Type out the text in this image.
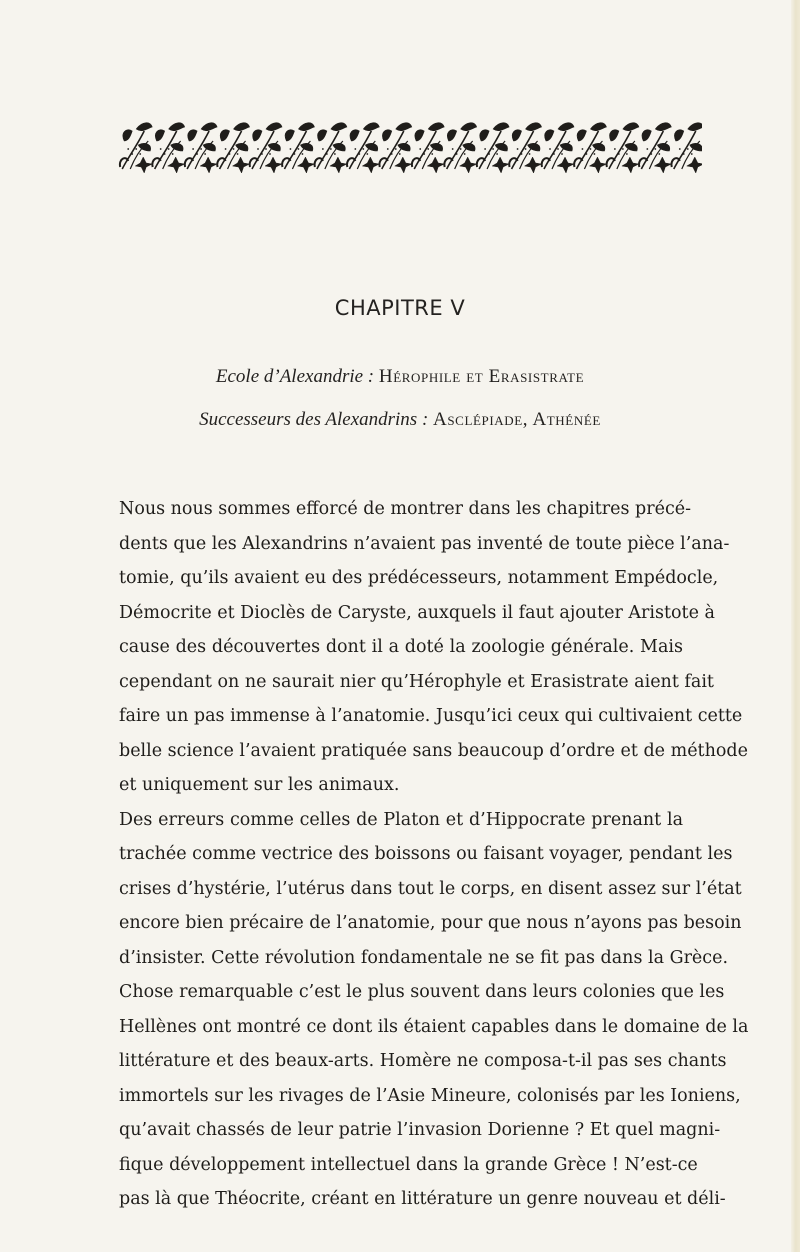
CHAPITRE V
Ecole d’Alexandrie : Hérophile et Erasistrate
Successeurs des Alexandrins : Asclépiade, Athénée
Nous nous sommes efforcé de montrer dans les chapitres précé-
dents que les Alexandrins n’avaient pas inventé de toute pièce l’ana-
tomie, qu’ils avaient eu des prédécesseurs, notamment Empédocle,
Démocrite et Dioclès de Caryste, auxquels il faut ajouter Aristote à
cause des découvertes dont il a doté la zoologie générale. Mais
cependant on ne saurait nier qu’Hérophyle et Erasistrate aient fait
faire un pas immense à l’anatomie. Jusqu’ici ceux qui cultivaient cette
belle science l’avaient pratiquée sans beaucoup d’ordre et de méthode
et uniquement sur les animaux.
Des erreurs comme celles de Platon et d’Hippocrate prenant la
trachée comme vectrice des boissons ou faisant voyager, pendant les
crises d’hystérie, l’utérus dans tout le corps, en disent assez sur l’état
encore bien précaire de l’anatomie, pour que nous n’ayons pas besoin
d’insister. Cette révolution fondamentale ne se fit pas dans la Grèce.
Chose remarquable c’est le plus souvent dans leurs colonies que les
Hellènes ont montré ce dont ils étaient capables dans le domaine de la
littérature et des beaux-arts. Homère ne composa-t-il pas ses chants
immortels sur les rivages de l’Asie Mineure, colonisés par les Ioniens,
qu’avait chassés de leur patrie l’invasion Dorienne ? Et quel magni-
fique développement intellectuel dans la grande Grèce ! N’est-ce
pas là que Théocrite, créant en littérature un genre nouveau et déli-
